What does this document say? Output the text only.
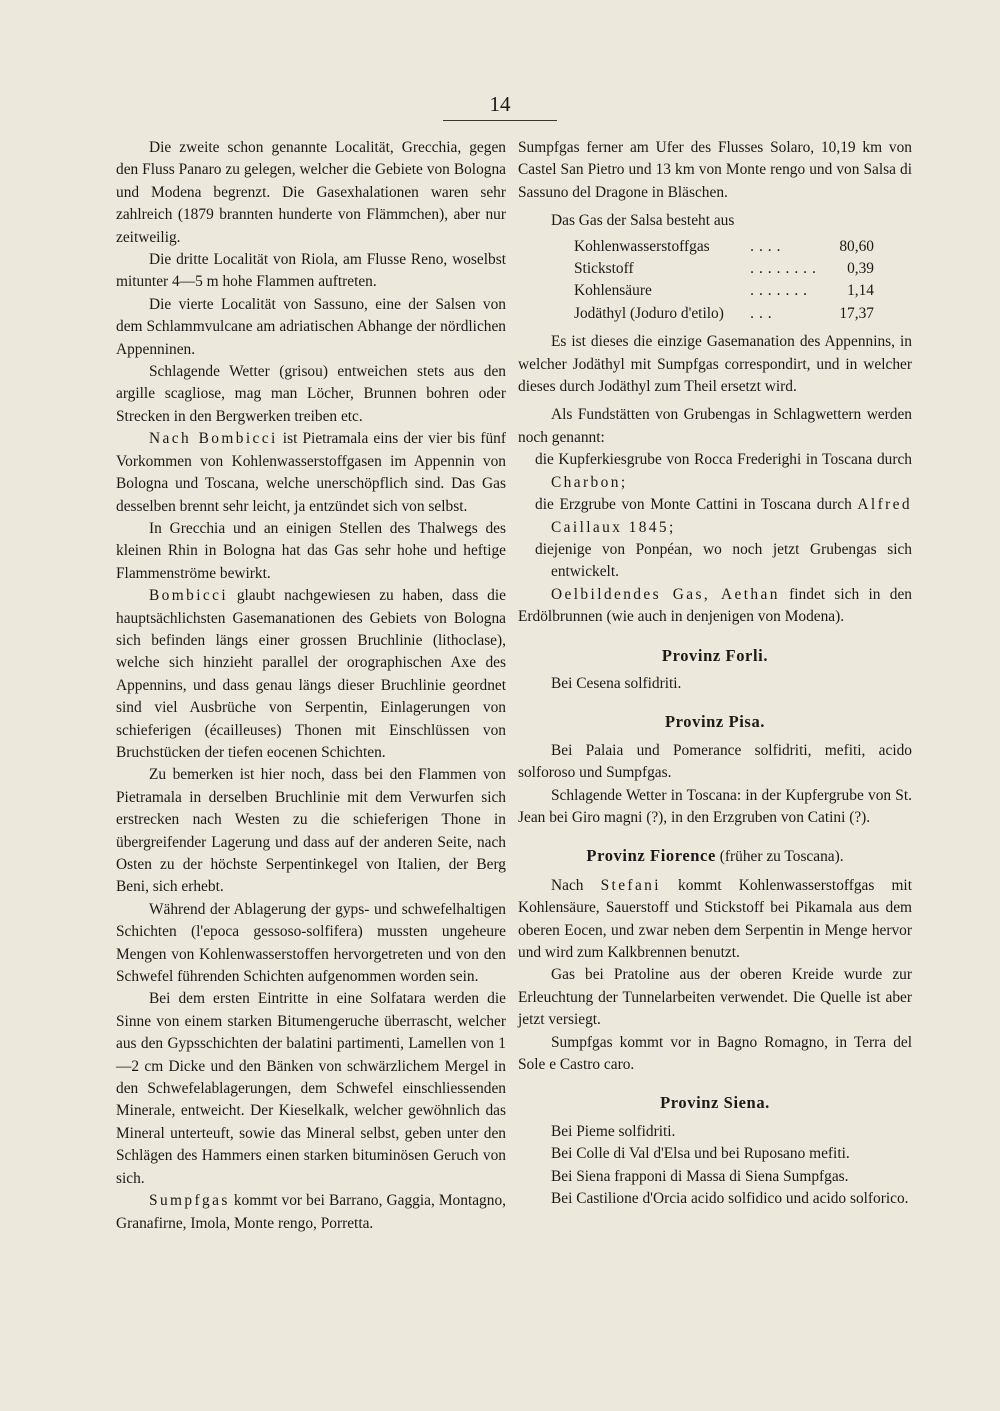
14

Die zweite schon genannte Localität, Grecchia, gegen den Fluss Panaro zu gelegen, welcher die Gebiete von Bologna und Modena begrenzt. Die Gasexhalationen waren sehr zahlreich (1879 brannten hunderte von Flämmchen), aber nur zeitweilig.

Die dritte Localität von Riola, am Flusse Reno, woselbst mitunter 4—5 m hohe Flammen auftreten.

Die vierte Localität von Sassuno, eine der Salsen von dem Schlammvulcane am adriatischen Abhange der nördlichen Appenninen.

Schlagende Wetter (grisou) entweichen stets aus den argille scagliose, mag man Löcher, Brunnen bohren oder Strecken in den Bergwerken treiben etc.

Nach Bombicci ist Pietramala eins der vier bis fünf Vorkommen von Kohlenwasserstoffgasen im Appennin von Bologna und Toscana, welche unerschöpflich sind. Das Gas desselben brennt sehr leicht, ja entzündet sich von selbst.

In Grecchia und an einigen Stellen des Thalwegs des kleinen Rhin in Bologna hat das Gas sehr hohe und heftige Flammenströme bewirkt.

Bombicci glaubt nachgewiesen zu haben, dass die hauptsächlichsten Gasemanationen des Gebiets von Bologna sich befinden längs einer grossen Bruchlinie (lithoclase), welche sich hinzieht parallel der orographischen Axe des Appennins, und dass genau längs dieser Bruchlinie geordnet sind viel Ausbrüche von Serpentin, Einlagerungen von schieferigen (écailleuses) Thonen mit Einschlüssen von Bruchstücken der tiefen eocenen Schichten.

Zu bemerken ist hier noch, dass bei den Flammen von Pietramala in derselben Bruchlinie mit dem Verwurfen sich erstrecken nach Westen zu die schieferigen Thone in übergreifender Lagerung und dass auf der anderen Seite, nach Osten zu der höchste Serpentinkegel von Italien, der Berg Beni, sich erhebt.

Während der Ablagerung der gyps- und schwefelhaltigen Schichten (l'epoca gessoso-solfifera) mussten ungeheure Mengen von Kohlenwasserstoffen hervorgetreten und von den Schwefel führenden Schichten aufgenommen worden sein.

Bei dem ersten Eintritte in eine Solfatara werden die Sinne von einem starken Bitumengeruche überrascht, welcher aus den Gypsschichten der balatini partimenti, Lamellen von 1—2 cm Dicke und den Bänken von schwärzlichem Mergel in den Schwefelablagerungen, dem Schwefel einschliessenden Minerale, entweicht. Der Kieselkalk, welcher gewöhnlich das Mineral unterteuft, sowie das Mineral selbst, geben unter den Schlägen des Hammers einen starken bituminösen Geruch von sich.

Sumpfgas kommt vor bei Barrano, Gaggia, Montagno, Granafirne, Imola, Monte rengo, Porretta.

Sumpfgas ferner am Ufer des Flusses Solaro, 10,19 km von Castel San Pietro und 13 km von Monte rengo und von Salsa di Sassuno del Dragone in Bläschen.

Das Gas der Salsa besteht aus

Kohlenwasserstoffgas	....	80,60
Stickstoff	........	0,39
Kohlensäure	.......	1,14
Jodäthyl (Joduro d'etilo)	...	17,37

Es ist dieses die einzige Gasemanation des Appennins, in welcher Jodäthyl mit Sumpfgas correspondirt, und in welcher dieses durch Jodäthyl zum Theil ersetzt wird.

Als Fundstätten von Grubengas in Schlagwettern werden noch genannt:

die Kupferkiesgrube von Rocca Frederighi in Toscana durch Charbon;

die Erzgrube von Monte Cattini in Toscana durch Alfred Caillaux 1845;

diejenige von Ponpéan, wo noch jetzt Grubengas sich entwickelt.

Oelbildendes Gas, Aethan findet sich in den Erdölbrunnen (wie auch in denjenigen von Modena).

Provinz Forli.

Bei Cesena solfidriti.

Provinz Pisa.

Bei Palaia und Pomerance solfidriti, mefiti, acido solforoso und Sumpfgas.

Schlagende Wetter in Toscana: in der Kupfergrube von St. Jean bei Giro magni (?), in den Erzgruben von Catini (?).

Provinz Fiorence (früher zu Toscana).

Nach Stefani kommt Kohlenwasserstoffgas mit Kohlensäure, Sauerstoff und Stickstoff bei Pikamala aus dem oberen Eocen, und zwar neben dem Serpentin in Menge hervor und wird zum Kalkbrennen benutzt.

Gas bei Pratoline aus der oberen Kreide wurde zur Erleuchtung der Tunnelarbeiten verwendet. Die Quelle ist aber jetzt versiegt.

Sumpfgas kommt vor in Bagno Romagno, in Terra del Sole e Castro caro.

Provinz Siena.

Bei Pieme solfidriti.

Bei Colle di Val d'Elsa und bei Ruposano mefiti.

Bei Siena frapponi di Massa di Siena Sumpfgas.

Bei Castilione d'Orcia acido solfidico und acido solforico.
